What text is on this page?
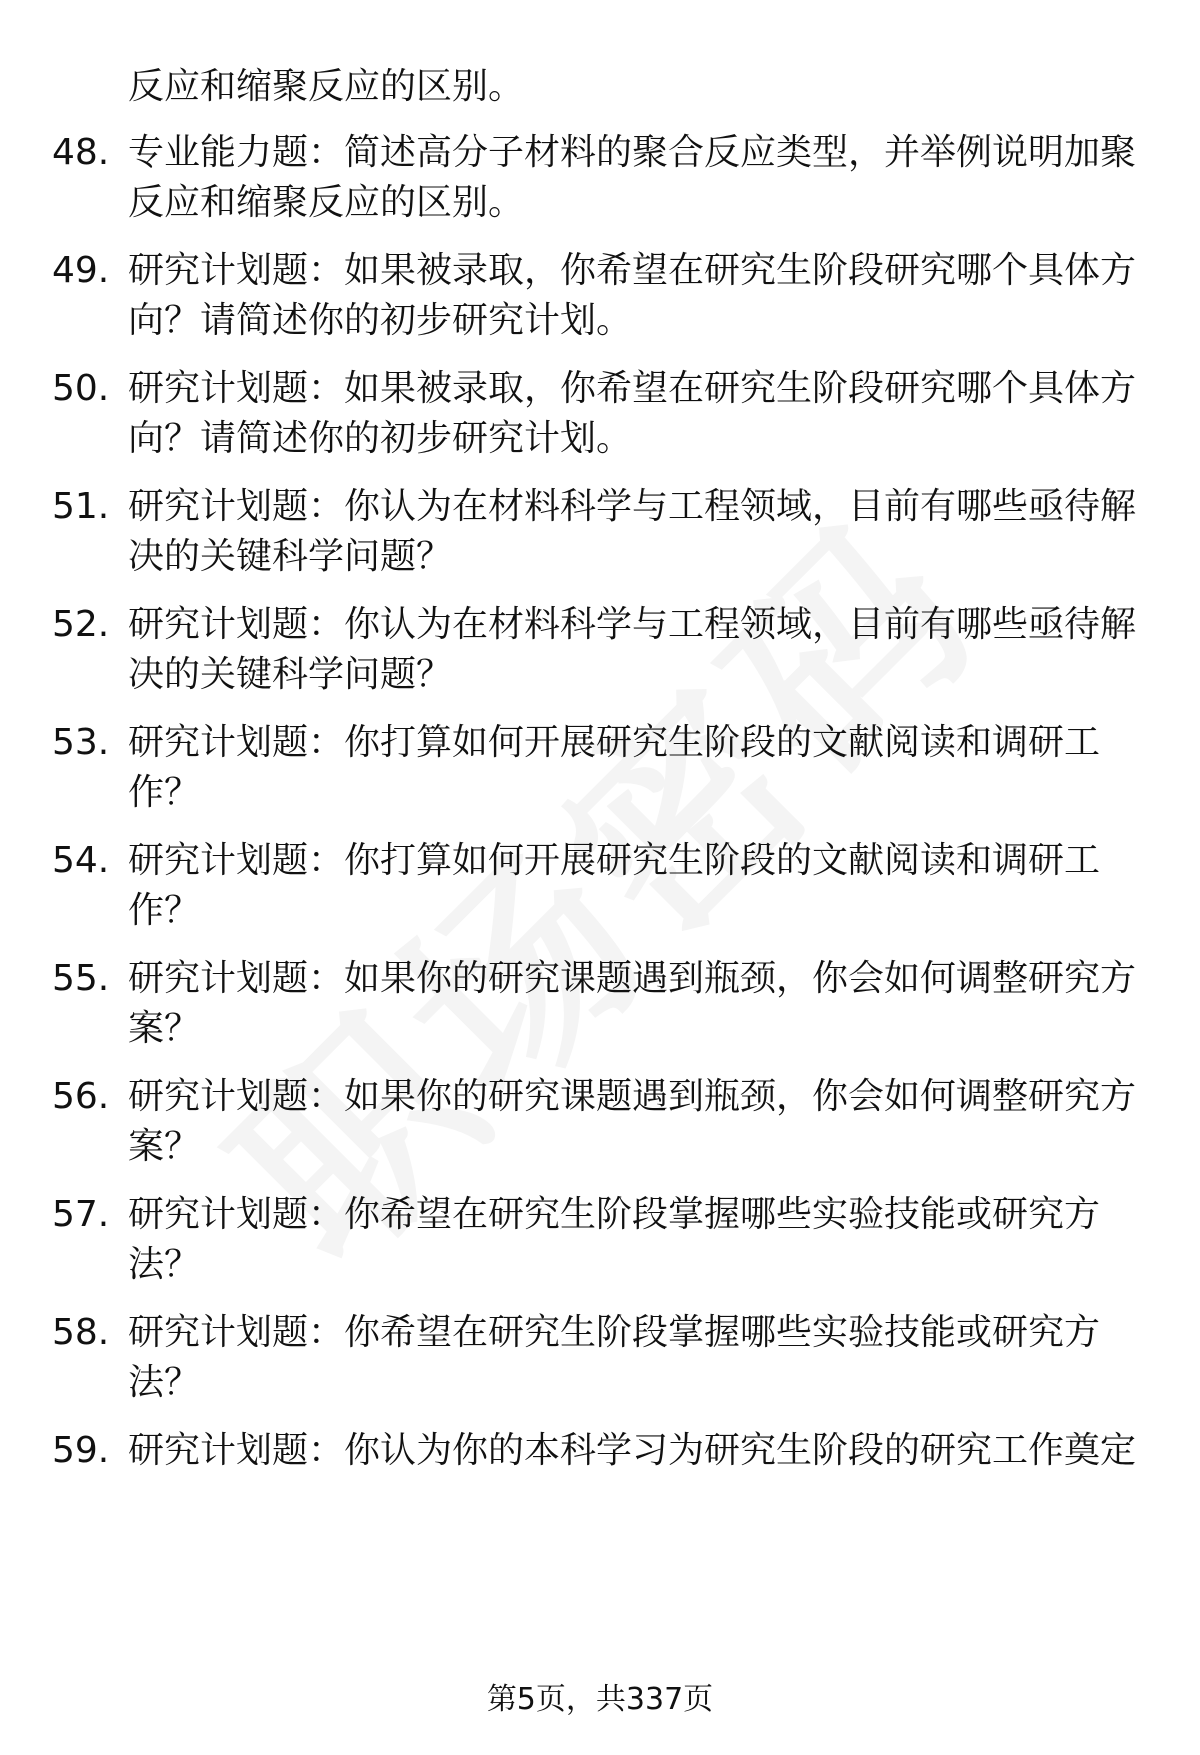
反应和缩聚反应的区别。
48. 专业能力题：简述高分子材料的聚合反应类型，并举例说明加聚反应和缩聚反应的区别。
49. 研究计划题：如果被录取，你希望在研究生阶段研究哪个具体方向？请简述你的初步研究计划。
50. 研究计划题：如果被录取，你希望在研究生阶段研究哪个具体方向？请简述你的初步研究计划。
51. 研究计划题：你认为在材料科学与工程领域，目前有哪些亟待解决的关键科学问题？
52. 研究计划题：你认为在材料科学与工程领域，目前有哪些亟待解决的关键科学问题？
53. 研究计划题：你打算如何开展研究生阶段的文献阅读和调研工作？
54. 研究计划题：你打算如何开展研究生阶段的文献阅读和调研工作？
55. 研究计划题：如果你的研究课题遇到瓶颈，你会如何调整研究方案？
56. 研究计划题：如果你的研究课题遇到瓶颈，你会如何调整研究方案？
57. 研究计划题：你希望在研究生阶段掌握哪些实验技能或研究方法？
58. 研究计划题：你希望在研究生阶段掌握哪些实验技能或研究方法？
59. 研究计划题：你认为你的本科学习为研究生阶段的研究工作奠定
第5页，共337页
